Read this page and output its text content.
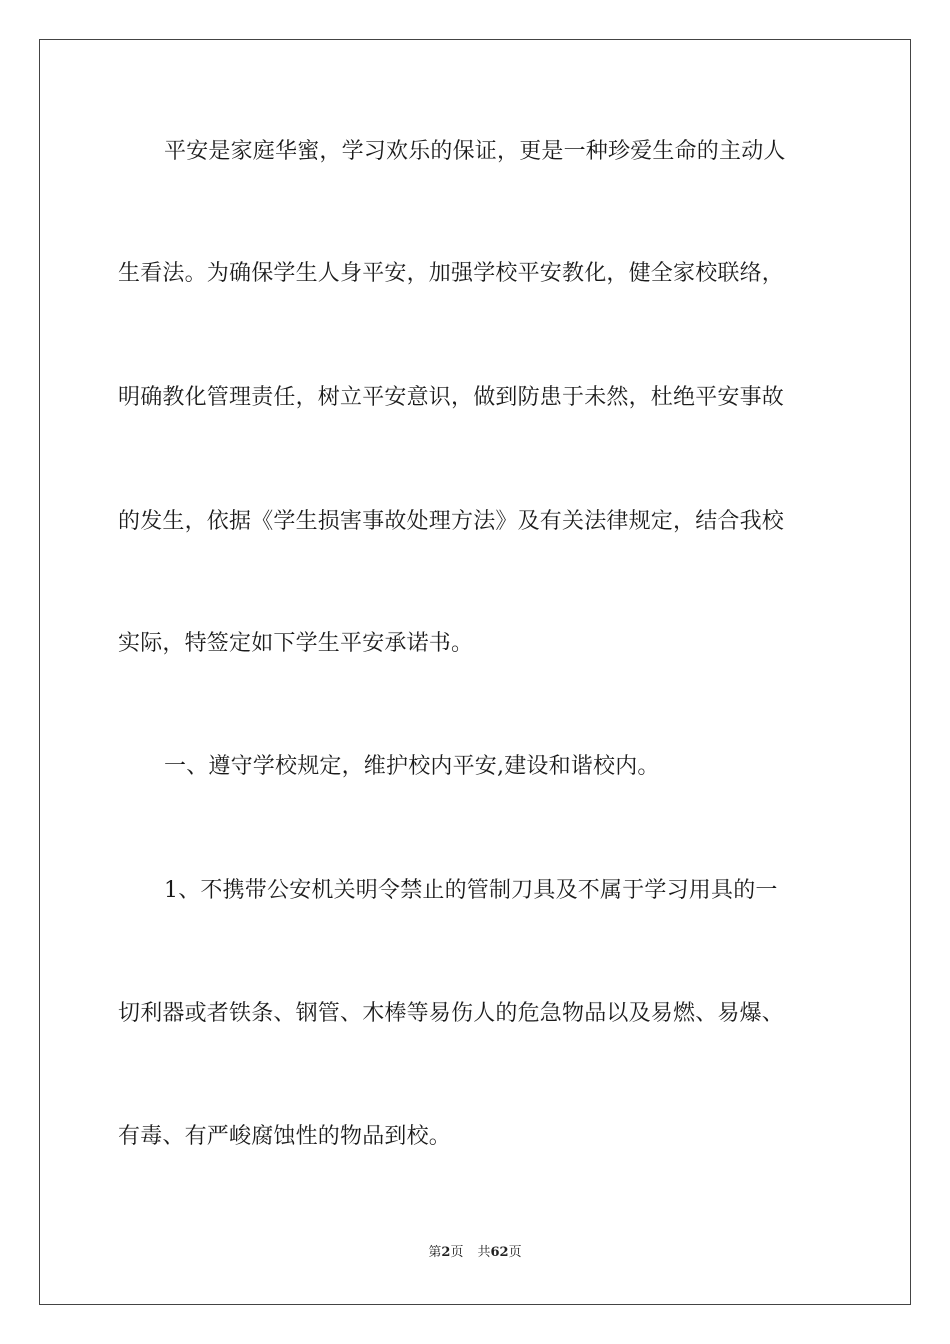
平安是家庭华蜜，学习欢乐的保证，更是一种珍爱生命的主动人
生看法。为确保学生人身平安，加强学校平安教化，健全家校联络，
明确教化管理责任，树立平安意识，做到防患于未然，杜绝平安事故
的发生，依据《学生损害事故处理方法》及有关法律规定，结合我校
实际，特签定如下学生平安承诺书。
一、遵守学校规定，维护校内平安,建设和谐校内。
1、不携带公安机关明令禁止的管制刀具及不属于学习用具的一
切利器或者铁条、钢管、木棒等易伤人的危急物品以及易燃、易爆、
有毒、有严峻腐蚀性的物品到校。
第2页 共62页
